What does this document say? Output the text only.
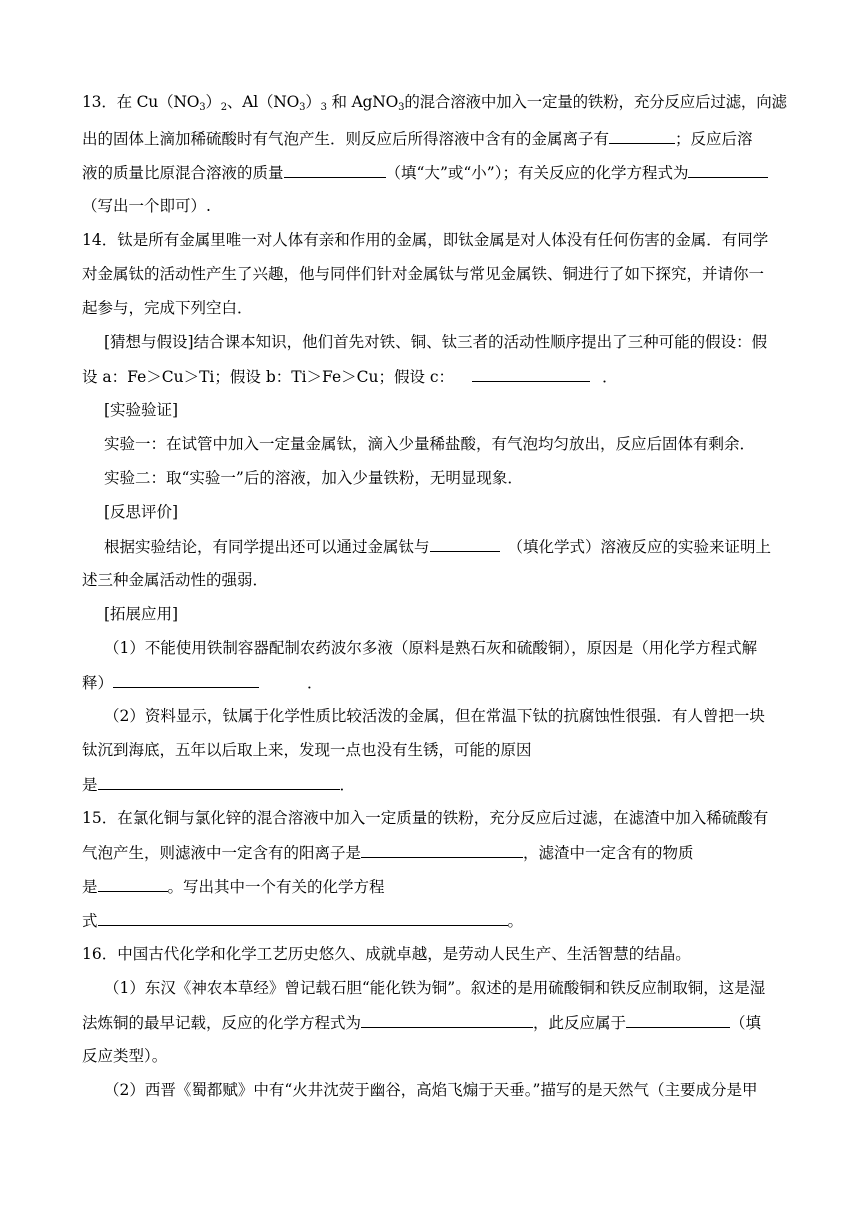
13．在 $Cu(NO_3)_2$、$Al(NO_3)_3$ 和 AgNO$_3$的混合溶液中加入一定量的铁粉，充分反应后过滤，向滤
出的固体上滴加稀硫酸时有气泡产生．则反应后所得溶液中含有的金属离子有	；反应后溶
液的质量比原混合溶液的质量	（填“大”或“小”）；有关反应的化学方程式为
（写出一个即可）.
14．钛是所有金属里唯一对人体有亲和作用的金属，即钛金属是对人体没有任何伤害的金属．有同学
对金属钛的活动性产生了兴趣，他与同伴们针对金属钛与常见金属铁、铜进行了如下探究，并请你一
起参与，完成下列空白．
[猜想与假设]结合课本知识，他们首先对铁、铜、钛三者的活动性顺序提出了三种可能的假设：假
设 a：Fe＞Cu＞Ti；假设 b：Ti＞Fe＞Cu；假设 c：	．
[实验验证]
实验一：在试管中加入一定量金属钛，滴入少量稀盐酸，有气泡均匀放出，反应后固体有剩余．
实验二：取“实验一”后的溶液，加入少量铁粉，无明显现象．
[反思评价]
根据实验结论，有同学提出还可以通过金属钛与	（填化学式）溶液反应的实验来证明上
述三种金属活动性的强弱．
[拓展应用]
（1）不能使用铁制容器配制农药波尔多液（原料是熟石灰和硫酸铜），原因是（用化学方程式解
释）	．
（2）资料显示，钛属于化学性质比较活泼的金属，但在常温下钛的抗腐蚀性很强．有人曾把一块
钛沉到海底，五年以后取上来，发现一点也没有生锈，可能的原因
是	．
15．在氯化铜与氯化锌的混合溶液中加入一定质量的铁粉，充分反应后过滤，在滤渣中加入稀硫酸有
气泡产生，则滤液中一定含有的阳离子是	，滤渣中一定含有的物质
是	。写出其中一个有关的化学方程
式	。
16．中国古代化学和化学工艺历史悠久、成就卓越，是劳动人民生产、生活智慧的结晶。
（1）东汉《神农本草经》曾记载石胆“能化铁为铜”。叙述的是用硫酸铜和铁反应制取铜，这是湿
法炼铜的最早记载，反应的化学方程式为	，此反应属于	（填
反应类型）。
（2）西晋《蜀都赋》中有“火井沈荧于幽谷，高焰飞煽于天垂。”描写的是天然气（主要成分是甲
